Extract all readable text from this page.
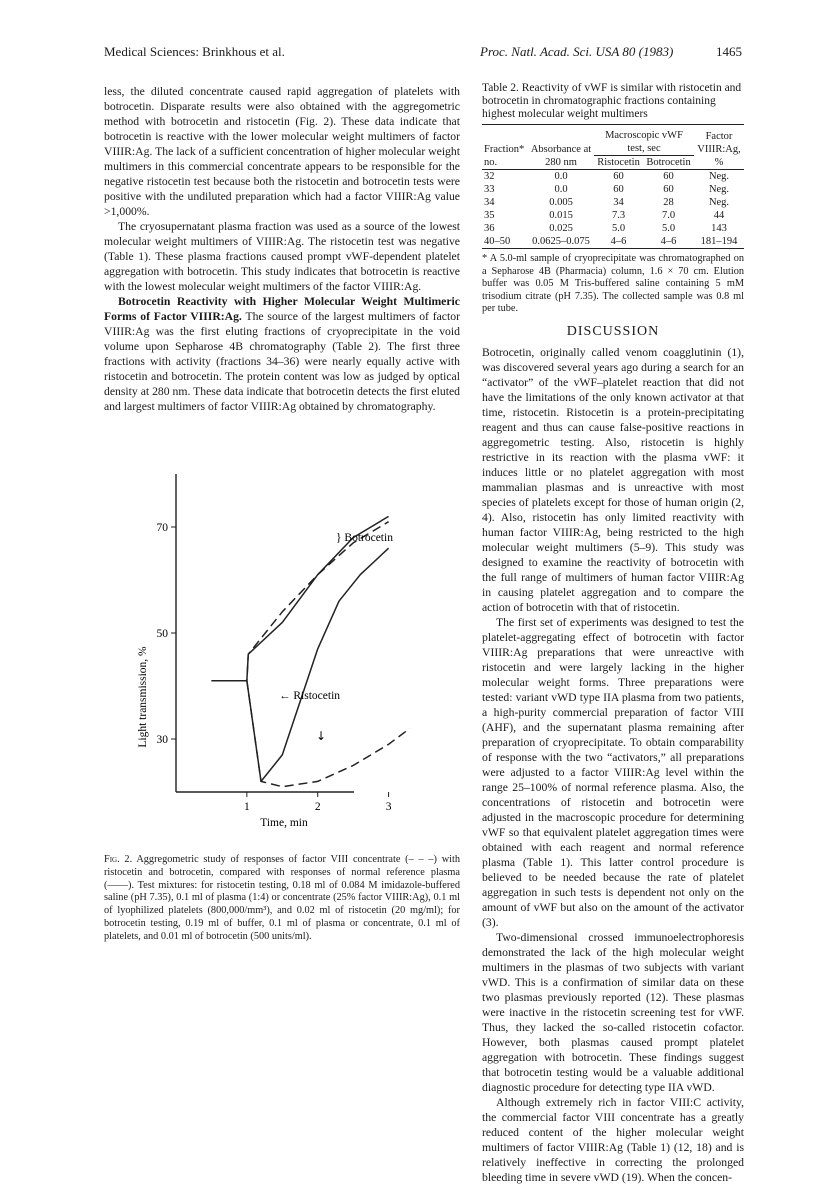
Medical Sciences: Brinkhous et al.	Proc. Natl. Acad. Sci. USA 80 (1983)	1465

less, the diluted concentrate caused rapid aggregation of platelets with botrocetin. Disparate results were also obtained with the aggregometric method with botrocetin and ristocetin (Fig. 2). These data indicate that botrocetin is reactive with the lower molecular weight multimers of factor VIIIR:Ag. The lack of a sufficient concentration of higher molecular weight multimers in this commercial concentrate appears to be responsible for the negative ristocetin test because both the ristocetin and botrocetin tests were positive with the undiluted preparation which had a factor VIIIR:Ag value >1,000%.

The cryosupernatant plasma fraction was used as a source of the lowest molecular weight multimers of VIIIR:Ag. The ristocetin test was negative (Table 1). These plasma fractions caused prompt vWF-dependent platelet aggregation with botrocetin. This study indicates that botrocetin is reactive with the lowest molecular weight multimers of the factor VIIIR:Ag.

Botrocetin Reactivity with Higher Molecular Weight Multimeric Forms of Factor VIIIR:Ag. The source of the largest multimers of factor VIIIR:Ag was the first eluting fractions of cryoprecipitate in the void volume upon Sepharose 4B chromatography (Table 2). The first three fractions with activity (fractions 34–36) were nearly equally active with ristocetin and botrocetin. The protein content was low as judged by optical density at 280 nm. These data indicate that botrocetin detects the first eluted and largest multimers of factor VIIIR:Ag obtained by chromatography.

Light transmission, %
Time, min
70
50
30
1	2	3
} Botrocetin
← Ristocetin
↓
Fig. 2. Aggregometric study of responses of factor VIII concentrate (– – –) with ristocetin and botrocetin, compared with responses of normal reference plasma (——). Test mixtures: for ristocetin testing, 0.18 ml of 0.084 M imidazole-buffered saline (pH 7.35), 0.1 ml of plasma (1:4) or concentrate (25% factor VIIIR:Ag), 0.1 ml of lyophilized platelets (800,000/mm³), and 0.02 ml of ristocetin (20 mg/ml); for botrocetin testing, 0.19 ml of buffer, 0.1 ml of plasma or concentrate, 0.1 ml of platelets, and 0.01 ml of botrocetin (500 units/ml).
Table 2. Reactivity of vWF is similar with ristocetin and botrocetin in chromatographic fractions containing highest molecular weight multimers
Fraction* no.	Absorbance at 280 nm	Macroscopic vWF test, sec		Factor VIIIR:Ag, %
		Ristocetin	Botrocetin	
32	0.0	60	60	Neg.
33	0.0	60	60	Neg.
34	0.005	34	28	Neg.
35	0.015	7.3	7.0	44
36	0.025	5.0	5.0	143
40–50	0.0625–0.075	4–6	4–6	181–194
* A 5.0-ml sample of cryoprecipitate was chromatographed on a Sepharose 4B (Pharmacia) column, 1.6 × 70 cm. Elution buffer was 0.05 M Tris-buffered saline containing 5 mM trisodium citrate (pH 7.35). The collected sample was 0.8 ml per tube.
DISCUSSION

Botrocetin, originally called venom coagglutinin (1), was discovered several years ago during a search for an “activator” of the vWF–platelet reaction that did not have the limitations of the only known activator at that time, ristocetin. Ristocetin is a protein-precipitating reagent and thus can cause false-positive reactions in aggregometric testing. Also, ristocetin is highly restrictive in its reaction with the plasma vWF: it induces little or no platelet aggregation with most mammalian plasmas and is unreactive with most species of platelets except for those of human origin (2, 4). Also, ristocetin has only limited reactivity with human factor VIIIR:Ag, being restricted to the high molecular weight multimers (5–9). This study was designed to examine the reactivity of botrocetin with the full range of multimers of human factor VIIIR:Ag in causing platelet aggregation and to compare the action of botrocetin with that of ristocetin.

The first set of experiments was designed to test the platelet-aggregating effect of botrocetin with factor VIIIR:Ag preparations that were unreactive with ristocetin and were largely lacking in the higher molecular weight forms. Three preparations were tested: variant vWD type IIA plasma from two patients, a high-purity commercial preparation of factor VIII (AHF), and the supernatant plasma remaining after preparation of cryoprecipitate. To obtain comparability of response with the two “activators,” all preparations were adjusted to a factor VIIIR:Ag level within the range 25–100% of normal reference plasma. Also, the concentrations of ristocetin and botrocetin were adjusted in the macroscopic procedure for determining vWF so that equivalent platelet aggregation times were obtained with each reagent and normal reference plasma (Table 1). This latter control procedure is believed to be needed because the rate of platelet aggregation in such tests is dependent not only on the amount of vWF but also on the amount of the activator (3).

Two-dimensional crossed immunoelectrophoresis demonstrated the lack of the high molecular weight multimers in the plasmas of two subjects with variant vWD. This is a confirmation of similar data on these two plasmas previously reported (12). These plasmas were inactive in the ristocetin screening test for vWF. Thus, they lacked the so-called ristocetin cofactor. However, both plasmas caused prompt platelet aggregation with botrocetin. These findings suggest that botrocetin testing would be a valuable additional diagnostic procedure for detecting type IIA vWD.

Although extremely rich in factor VIII:C activity, the commercial factor VIII concentrate has a greatly reduced content of the higher molecular weight multimers of factor VIIIR:Ag (Table 1) (12, 18) and is relatively ineffective in correcting the prolonged bleeding time in severe vWD (19). When the concen-
